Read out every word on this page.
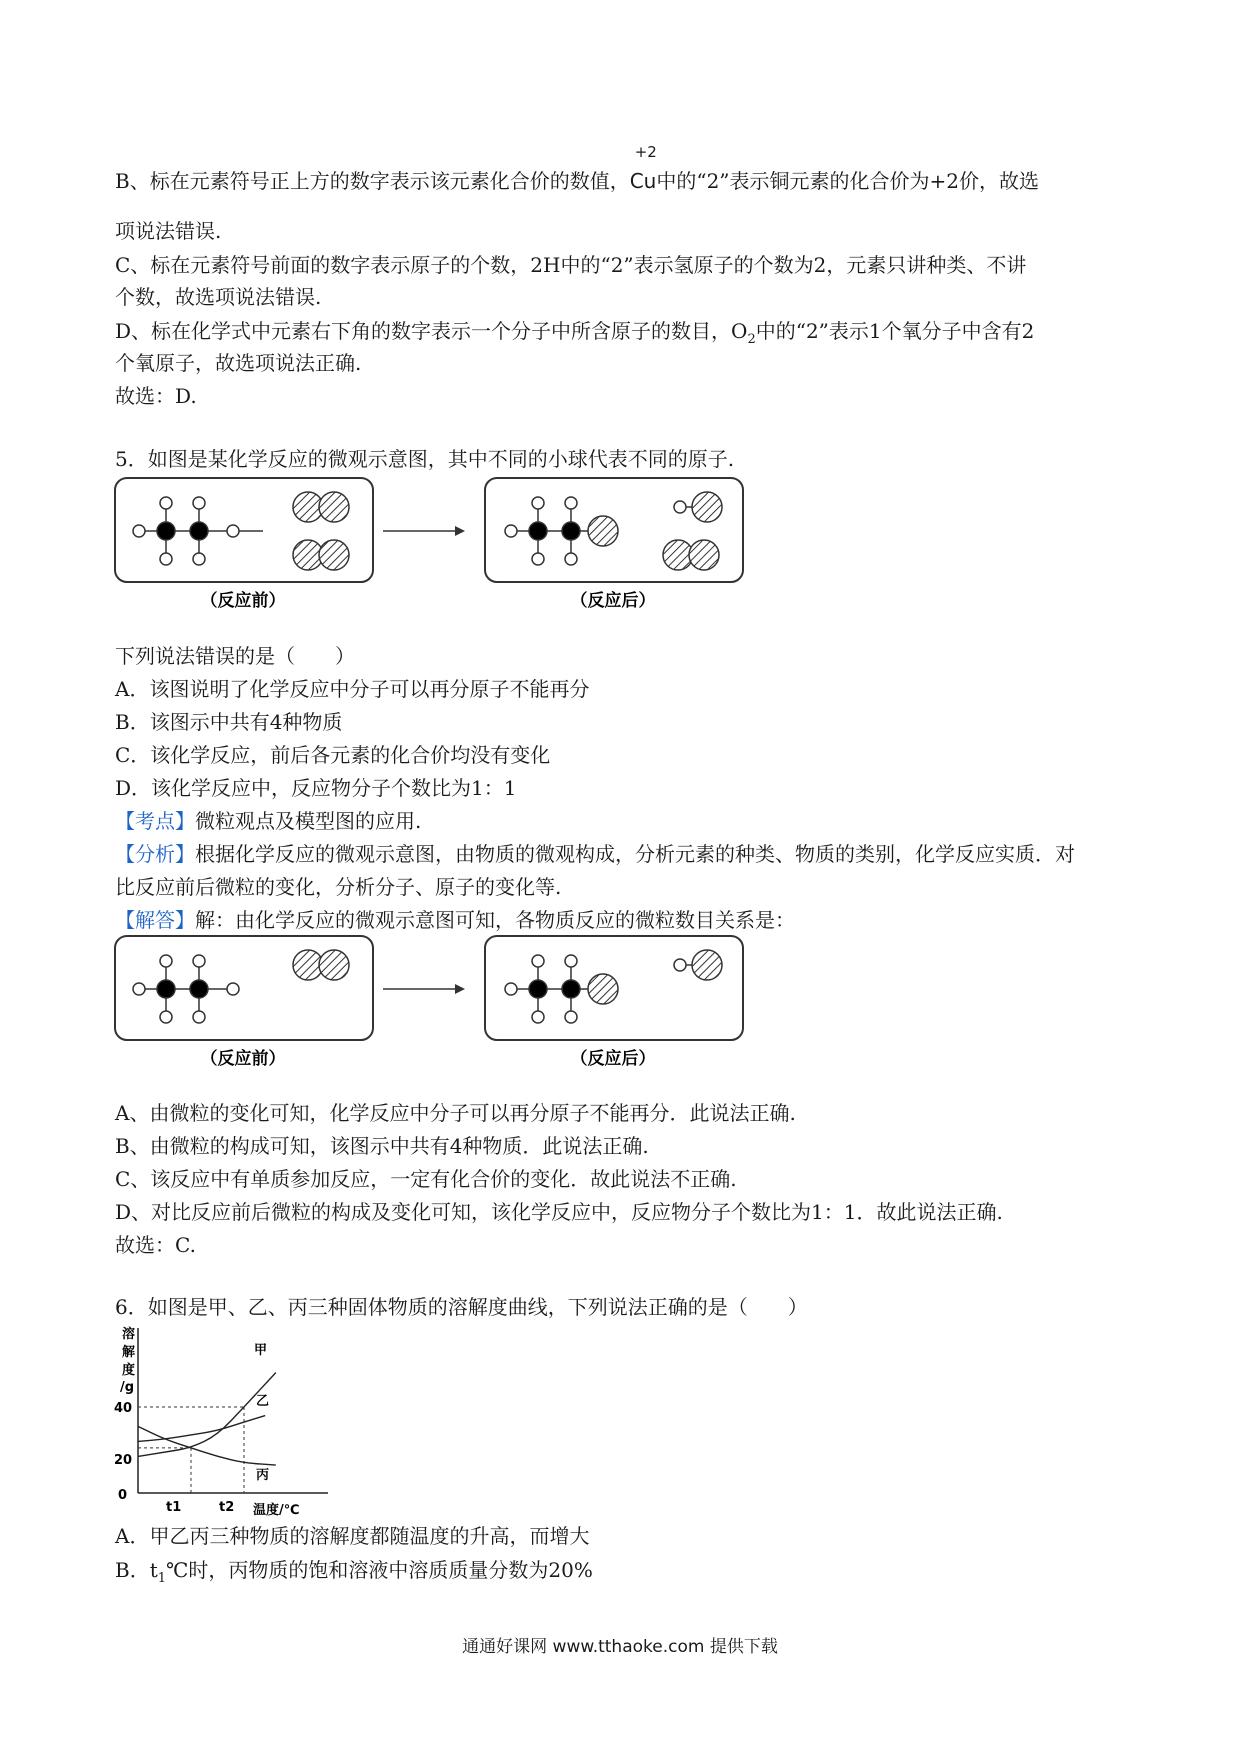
B、标在元素符号正上方的数字表示该元素化合价的数值，
+2
Cu中的“2”表示铜元素的化合价为+2价，故选
项说法错误.
C、标在元素符号前面的数字表示原子的个数，2H中的“2”表示氢原子的个数为2，元素只讲种类、不讲
个数，故选项说法错误.
D、标在化学式中元素右下角的数字表示一个分子中所含原子的数目，$O_2$中的“2”表示1个氧分子中含有2
个氧原子，故选项说法正确.
故选：D.
5．如图是某化学反应的微观示意图，其中不同的小球代表不同的原子.
（反应前）	（反应后）
下列说法错误的是（　　）
A．该图说明了化学反应中分子可以再分原子不能再分
B．该图示中共有4种物质
C．该化学反应，前后各元素的化合价均没有变化
D．该化学反应中，反应物分子个数比为1：1
【考点】微粒观点及模型图的应用.
【分析】根据化学反应的微观示意图，由物质的微观构成，分析元素的种类、物质的类别，化学反应实质．对
比反应前后微粒的变化，分析分子、原子的变化等.
【解答】解：由化学反应的微观示意图可知，各物质反应的微粒数目关系是：
（反应前）	（反应后）
A、由微粒的变化可知，化学反应中分子可以再分原子不能再分．此说法正确.
B、由微粒的构成可知，该图示中共有4种物质．此说法正确.
C、该反应中有单质参加反应，一定有化合价的变化．故此说法不正确.
D、对比反应前后微粒的构成及变化可知，该化学反应中，反应物分子个数比为1：1．故此说法正确.
故选：C.
6．如图是甲、乙、丙三种固体物质的溶解度曲线，下列说法正确的是（　　）
溶
解
度
/g
40
20
0
t1	t2 温度/℃
甲
乙
丙
A．甲乙丙三种物质的溶解度都随温度的升高，而增大
B．$t_1℃$时，丙物质的饱和溶液中溶质质量分数为20%
通通好课网 www.tthaoke.com 提供下载
